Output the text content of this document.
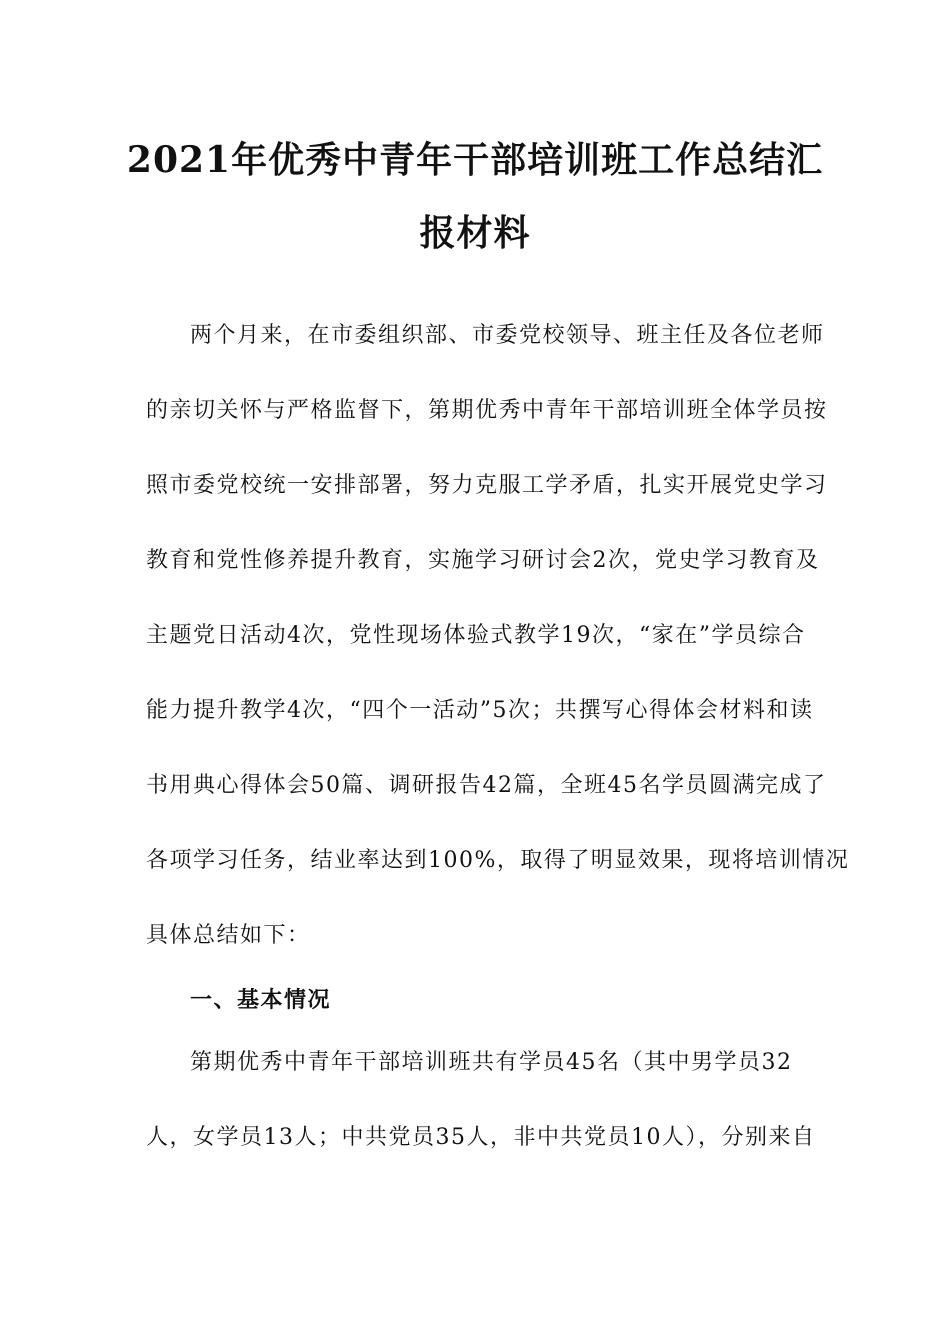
2021年优秀中青年干部培训班工作总结汇
报材料
两个月来，在市委组织部、市委党校领导、班主任及各位老师
的亲切关怀与严格监督下，第期优秀中青年干部培训班全体学员按
照市委党校统一安排部署，努力克服工学矛盾，扎实开展党史学习
教育和党性修养提升教育，实施学习研讨会2次，党史学习教育及
主题党日活动4次，党性现场体验式教学19次，“家在”学员综合
能力提升教学4次，“四个一活动”5次；共撰写心得体会材料和读
书用典心得体会50篇、调研报告42篇，全班45名学员圆满完成了
各项学习任务，结业率达到100%，取得了明显效果，现将培训情况
具体总结如下：
一、基本情况
第期优秀中青年干部培训班共有学员45名（其中男学员32
人，女学员13人；中共党员35人，非中共党员10人），分别来自
